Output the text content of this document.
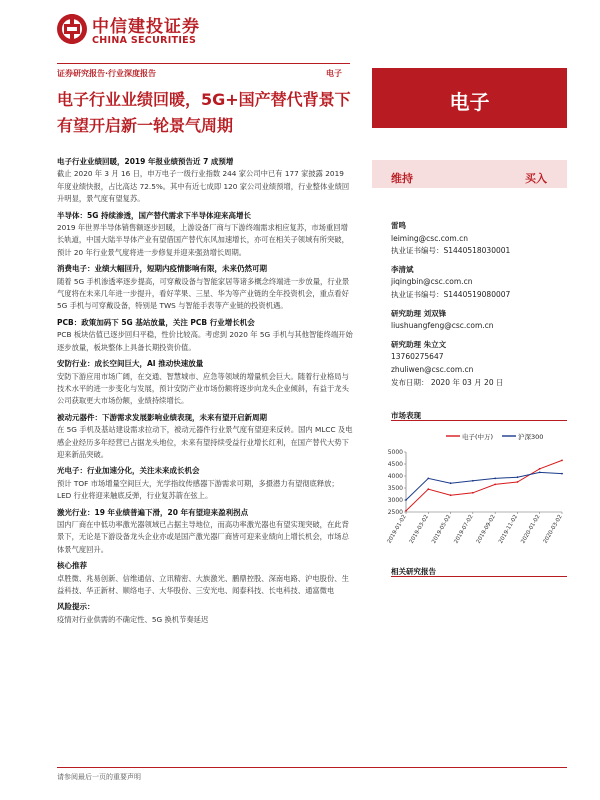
中信建投证券
CHINA SECURITIES
证券研究报告·行业深度报告	电子
电子行业业绩回暖，5G+国产替代背景下有望开启新一轮景气周期
电子
维持	买入
雷鸣
leiming@csc.com.cn
执业证书编号：S1440518030001
李清斌
jiqingbin@csc.com.cn
执业证书编号：S1440519080007
研究助理 刘双锋
liushuangfeng@csc.com.cn
研究助理 朱立文
13760275647
zhuliwen@csc.com.cn
发布日期： 2020 年 03 月 20 日
市场表现
电子(中万)	沪深300
5000
4500
4000
3500
3000
2500
2019-01-02 2019-03-02 2019-05-02 2019-07-02 2019-09-02 2019-11-02 2020-01-02 2020-03-02
相关研究报告
电子行业业绩回暖，2019 年报业绩预告近 7 成预增
截止 2020 年 3 月 16 日，申万电子一级行业指数 244 家公司中已有 177 家披露 2019 年度业绩快报，占比高达 72.5%。其中有近七成即 120 家公司业绩预增，行业整体业绩回升明显，景气度有望复苏。
半导体：5G 持续渗透，国产替代需求下半导体迎来高增长
2019 年世界半导体销售额逐步回暖，上游设备厂商与下游终端需求相应复苏，市场重回增长轨道，中国大陆半导体产业有望借国产替代东风加速增长，亦可在相关子领域有所突破，预计 20 年行业景气度将进一步修复并迎来强劲增长周期。
消费电子：业绩大幅回升，短期内疫情影响有限，未来仍然可期
随着 5G 手机渗透率逐步提高，可穿戴设备与智能家居等诸多概念终端进一步放量，行业景气度将在未来几年进一步提升，看好苹果、三星、华为等产业链的全年投资机会，重点看好 5G 手机与可穿戴设备，特别是 TWS 与智能手表等产业链的投资机遇。
PCB：政策加码下 5G 基站放量，关注 PCB 行业增长机会
PCB 板块估值已逐步回归平稳，性价比较高。考虑到 2020 年 5G 手机与其他智能终端开始逐步放量，板块整体上具备长期投资价值。
安防行业：成长空间巨大，AI 推动快速放量
安防下游应用市场广阔，在交通、智慧城市、应急等领域的增量机会巨大。随着行业格局与技术水平的进一步变化与发展，预计安防产业市场份额将逐步向龙头企业倾斜，有益于龙头公司获取更大市场份额，业绩持续增长。
被动元器件：下游需求发展影响业绩表现，未来有望开启新周期
在 5G 手机及基站建设需求拉动下，被动元器件行业景气度有望迎来反转。国内 MLCC 及电感企业经历多年经营已占据龙头地位，未来有望持续受益行业增长红利，在国产替代大势下迎来新品突破。
光电子：行业加速分化，关注未来成长机会
预计 TOF 市场增量空间巨大，光学指纹传感器下游需求可期，多摄潜力有望彻底释放；LED 行业将迎来触底反弹，行业复苏箭在弦上。
激光行业：19 年业绩普遍下滑，20 年有望迎来盈利拐点
国内厂商在中低功率激光器领域已占据主导地位，而高功率激光器也有望实现突破，在此背景下，无论是下游设备龙头企业亦或是国产激光器厂商皆可迎来业绩向上增长机会，市场总体景气度回升。
核心推荐
卓胜微、兆易创新、信维通信、立讯精密、大族激光、鹏鼎控股、深南电路、沪电股份、生益科技、华正新材、顺络电子、大华股份、三安光电、闻泰科技、长电科技、通富微电
风险提示：
疫情对行业供需的不确定性、5G 换机节奏延迟
请参阅最后一页的重要声明
